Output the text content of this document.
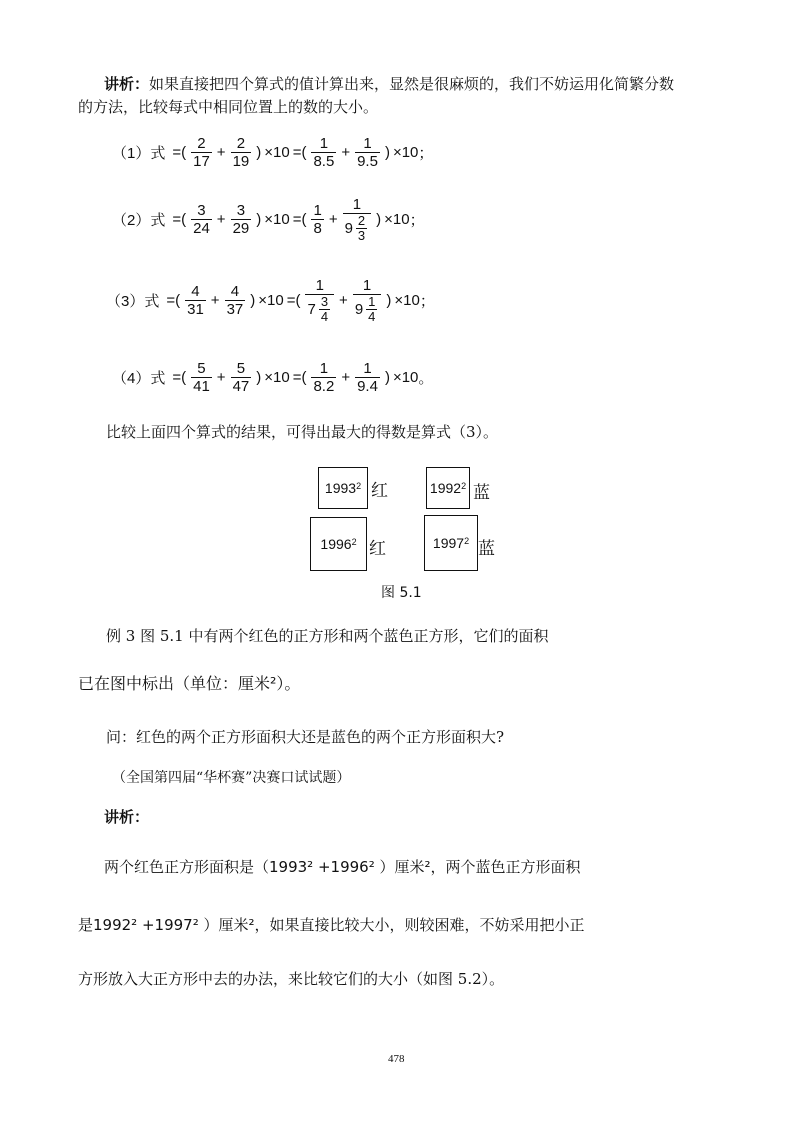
讲析：如果直接把四个算式的值计算出来，显然是很麻烦的，我们不妨运用化简繁分数
的方法，比较每式中相同位置上的数的大小。
（1）式 =( $\frac{2}{17} + \frac{2}{19}$ ) ×10 =( $\frac{1}{8.5} + \frac{1}{9.5}$ ) ×10 ；
（2）式 =( $\frac{3}{24} + \frac{3}{29}$ ) ×10 =( $\frac{1}{8} + \frac{1}{9 \frac{2}{3}}$ ) ×10 ；
（3）式 =( $\frac{4}{31} + \frac{4}{37}$ ) ×10 =( $\frac{1}{7 \frac{3}{4}} + \frac{1}{9 \frac{1}{4}}$ ) ×10 ；
（4）式 =( $\frac{5}{41} + \frac{5}{47}$ ) ×10 =( $\frac{1}{8.2} + \frac{1}{9.4}$ ) ×10 。
比较上面四个算式的结果，可得出最大的得数是算式（3）。
1993$^2$ 红	1992$^2$ 蓝
1996$^2$ 红	1997$^2$ 蓝
图 5.1
例 3 图 5.1 中有两个红色的正方形和两个蓝色正方形，它们的面积
已在图中标出（单位：厘米²）。
问：红色的两个正方形面积大还是蓝色的两个正方形面积大?
（全国第四届“华杯赛”决赛口试试题）
讲析：
两个红色正方形面积是（1993² +1996² ）厘米²，两个蓝色正方形面积
是1992² +1997² ）厘米²，如果直接比较大小，则较困难，不妨采用把小正
方形放入大正方形中去的办法，来比较它们的大小（如图 5.2）。
478
